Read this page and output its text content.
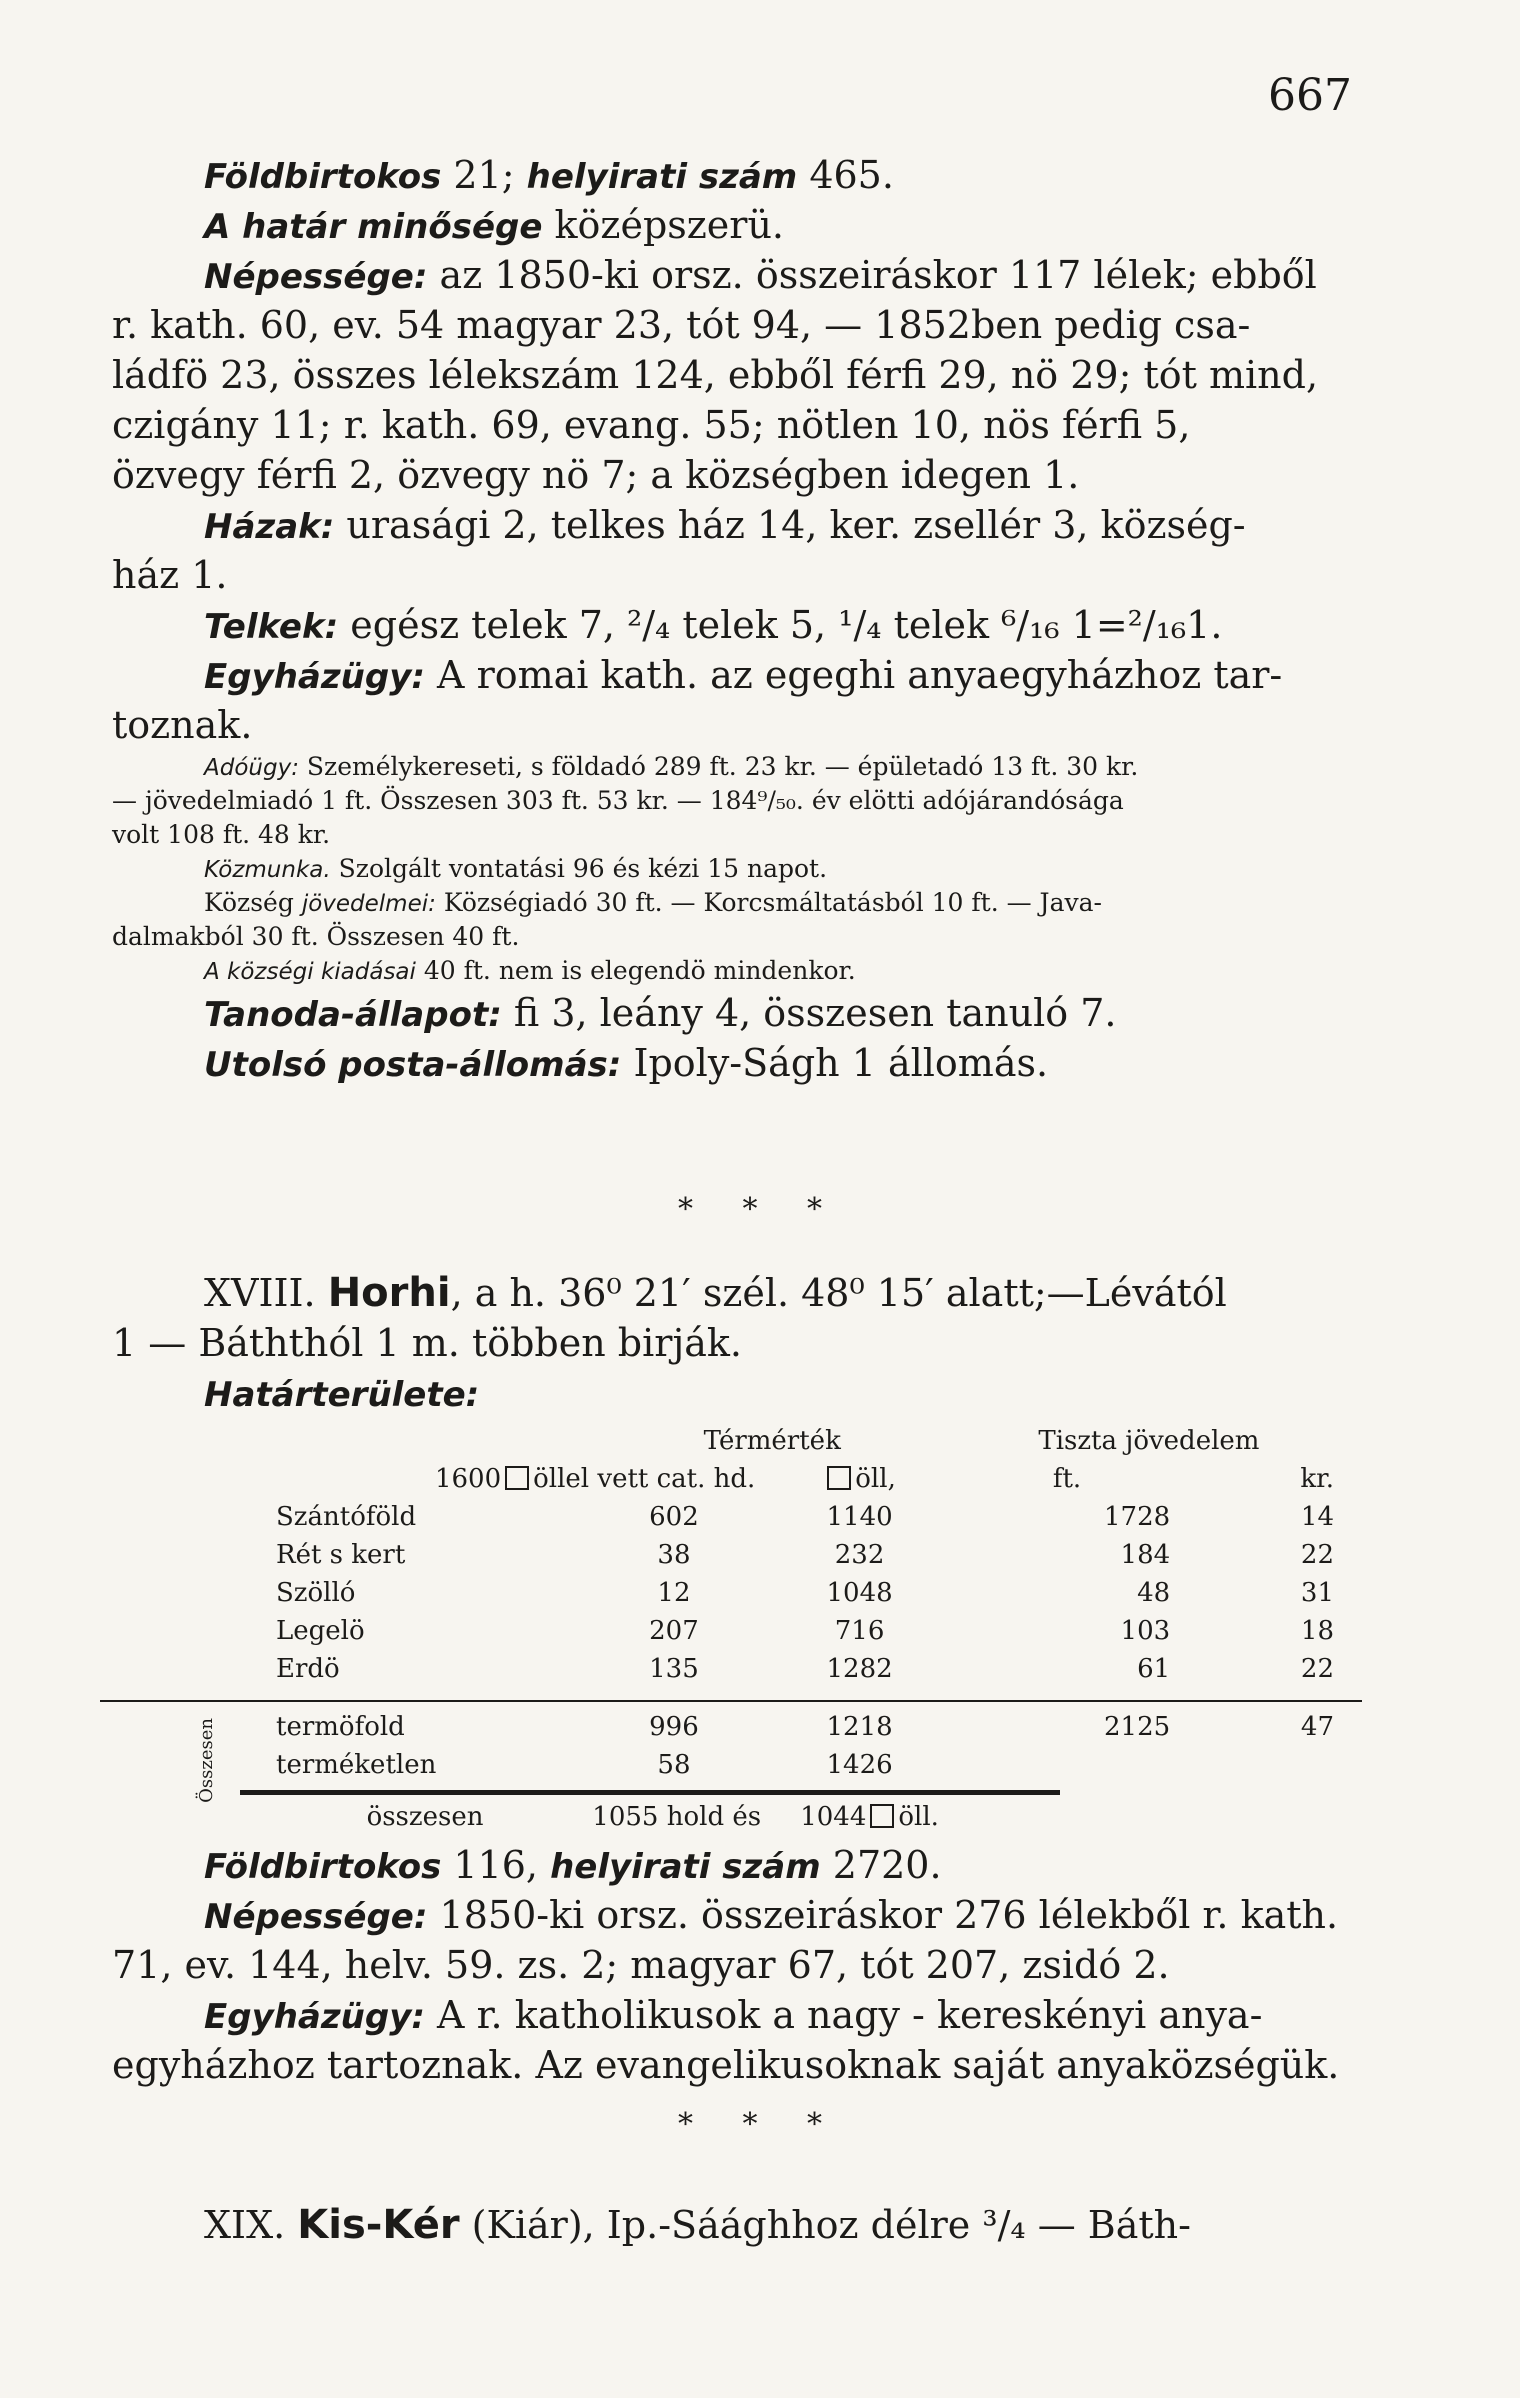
667
Földbirtokos 21; helyirati szám 465.
A határ minősége középszerü.
Népessége: az 1850-ki orsz. összeiráskor 117 lélek; ebből
r. kath. 60, ev. 54 magyar 23, tót 94, — 1852ben pedig csa-
ládfö 23, összes lélekszám 124, ebből férfi 29, nö 29; tót mind,
czigány 11; r. kath. 69, evang. 55; nötlen 10, nös férfi 5,
özvegy férfi 2, özvegy nö 7; a községben idegen 1.
Házak: urasági 2, telkes ház 14, ker. zsellér 3, község-
ház 1.
Telkek: egész telek 7, ²/₄ telek 5, ¹/₄ telek ⁶/₁₆ 1=²/₁₆1.
Egyházügy: A romai kath. az egeghi anyaegyházhoz tar-
toznak.
Adóügy: Személykereseti, s földadó 289 ft. 23 kr. — épületadó 13 ft. 30 kr.
— jövedelmiadó 1 ft. Összesen 303 ft. 53 kr. — 184⁹/₅₀. év elötti adójárandósága
volt 108 ft. 48 kr.
Közmunka. Szolgált vontatási 96 és kézi 15 napot.
Község jövedelmei: Községiadó 30 ft. — Korcsmáltatásból 10 ft. — Java-
dalmakból 30 ft. Összesen 40 ft.
A községi kiadásai 40 ft. nem is elegendö mindenkor.
Tanoda-állapot: fi 3, leány 4, összesen tanuló 7.
Utolsó posta-állomás: Ipoly-Ságh 1 állomás.
* * *
XVIII. Horhi, a h. 36⁰ 21′ szél. 48⁰ 15′ alatt;—Lévától
1 — Báththól 1 m. többen birják.
Határterülete:
	Térmérték		Tiszta jövedelem	
1600 öllel vett cat. hd.		öll,	ft.	kr.
Szántóföld	602	1140	1728	14
Rét s kert	38	232	184	22
Szölló	12	1048	48	31
Legelö	207	716	103	18
Erdö	135	1282	61	22
Összesen termöfold	996	1218	2125	47
terméketlen	58	1426		
összesen	1055 hold és	1044 öll.		
Földbirtokos 116, helyirati szám 2720.
Népessége: 1850-ki orsz. összeiráskor 276 lélekből r. kath.
71, ev. 144, helv. 59. zs. 2; magyar 67, tót 207, zsidó 2.
Egyházügy: A r. katholikusok a nagy - kereskényi anya-
egyházhoz tartoznak. Az evangelikusoknak saját anyaközségük.
* * *
XIX. Kis-Kér (Kiár), Ip.-Sáághhoz délre ³/₄ — Báth-
